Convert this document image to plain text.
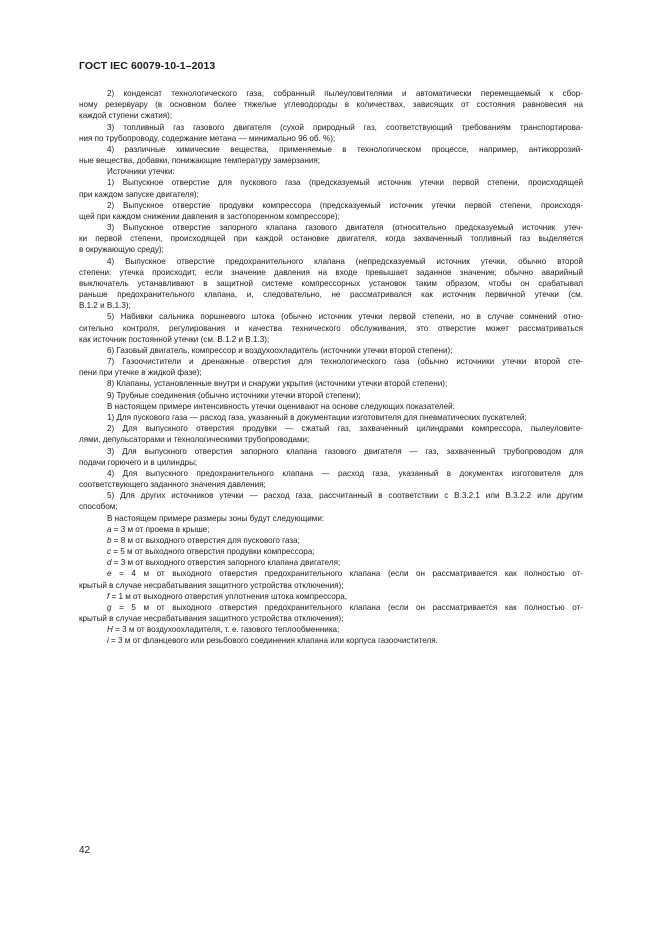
ГОСТ IEC 60079-10-1–2013
2) конденсат технологического газа, собранный пылеуловителями и автоматически перемещаемый к сбор-
ному резервуару (в основном более тяжелые углеводороды в количествах, зависящих от состояния равновесия на
каждой ступени сжатия);
3) топливный газ газового двигателя (сухой природный газ, соответствующий требованиям транспортирова-
ния по трубопроводу, содержание метана — минимально 96 об. %);
4) различные химические вещества, применяемые в технологическом процессе, например, антикоррозий-
ные вещества, добавки, понижающие температуру замерзания;
Источники утечки:
1) Выпускное отверстие для пускового газа (предсказуемый источник утечки первой степени, происходящей
при каждом запуске двигателя);
2) Выпускное отверстие продувки компрессора (предсказуемый источник утечки первой степени, происходя-
щей при каждом снижении давления в застопоренном компрессоре);
3) Выпускное отверстие запорного клапана газового двигателя (относительно предсказуемый источник утеч-
ки первой степени, происходящей при каждой остановке двигателя, когда захваченный топливный газ выделяется
в окружающую среду);
4) Выпускное отверстие предохранительного клапана (непредсказуемый источник утечки, обычно второй
степени: утечка происходит, если значение давления на входе превышает заданное значение; обычно аварийный
выключатель устанавливают в защитной системе компрессорных установок таким образом, чтобы он срабатывал
раньше предохранительного клапана, и, следовательно, не рассматривался как источник первичной утечки (см.
В.1.2 и В.1.3);
5) Набивки сальника поршневого штока (обычно источник утечки первой степени, но в случае сомнений отно-
сительно контроля, регулирования и качества технического обслуживания, это отверстие может рассматриваться
как источник постоянной утечки (см. В.1.2 и В.1.3);
6) Газовый двигатель, компрессор и воздухоохладитель (источники утечки второй степени);
7) Газоочистители и дренажные отверстия для технологического газа (обычно источники утечки второй сте-
пени при утечке в жидкой фазе);
8) Клапаны, установленные внутри и снаружи укрытия (источники утечки второй степени);
9) Трубные соединения (обычно источники утечки второй степени);
В настоящем примере интенсивность утечки оценивают на основе следующих показателей:
1) Для пускового газа — расход газа, указанный в документации изготовителя для пневматических пускателей;
2) Для выпускного отверстия продувки — сжатый газ, захваченный цилиндрами компрессора, пылеуловите-
лями, депульсаторами и технологическими трубопроводами;
3) Для выпускного отверстия запорного клапана газового двигателя — газ, захваченный трубопроводом для
подачи горючего и в цилиндры;
4) Для выпускного предохранительного клапана — расход газа, указанный в документах изготовителя для
соответствующего заданного значения давления;
5) Для других источников утечки — расход газа, рассчитанный в соответствии с В.3.2.1 или В.3.2.2 или другим
способом;
В настоящем примере размеры зоны будут следующими:
a = 3 м от проема в крыше;
b = 8 м от выходного отверстия для пускового газа;
c = 5 м от выходного отверстия продувки компрессора;
d = 3 м от выходного отверстия запорного клапана двигателя;
e = 4 м от выходного отверстия предохранительного клапана (если он рассматривается как полностью от-
крытый в случае несрабатывания защитного устройства отключения);
f = 1 м от выходного отверстия уплотнения штока компрессора,
g = 5 м от выходного отверстия предохранительного клапана (если он рассматривается как полностью от-
крытый в случае несрабатывания защитного устройства отключения);
H = 3 м от воздухоохладителя, т. е. газового теплообменника;
i = 3 м от фланцевого или резьбового соединения клапана или корпуса газоочистителя.
42
